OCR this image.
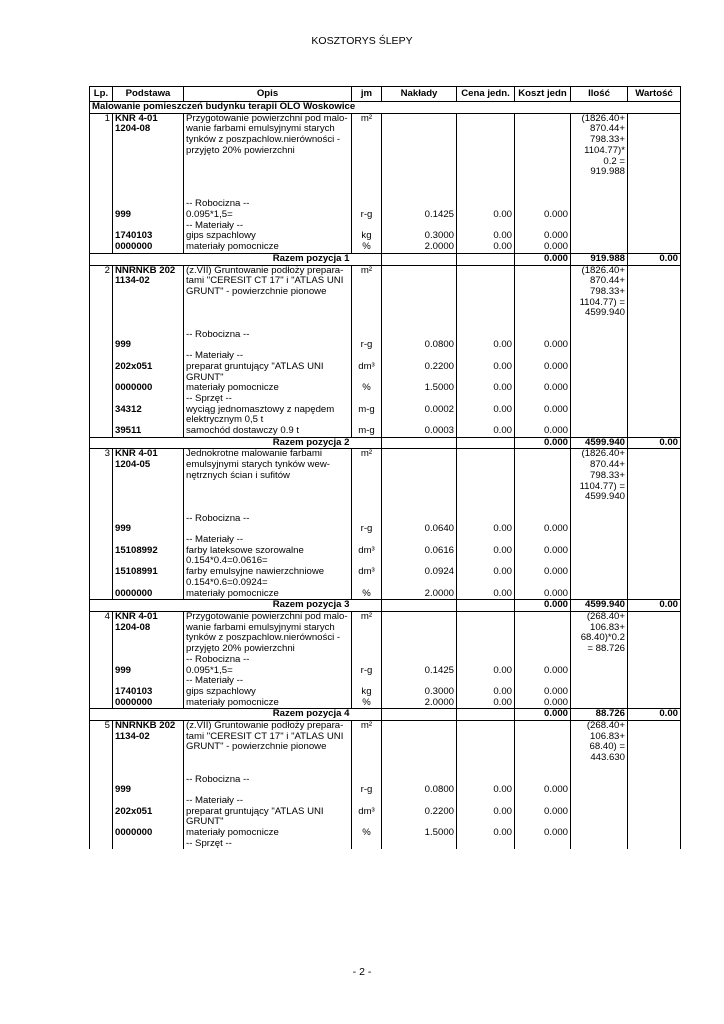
KOSZTORYS ŚLEPY
Lp.	Podstawa	Opis	jm	Nakłady	Cena jedn.	Koszt jedn	Ilość	Wartość
Malowanie pomieszczeń budynku terapii OLO Woskowice								
1	KNR 4-01	Przygotowanie powierzchni pod malo-	m²				(1826.40+	
	1204-08	wanie farbami emulsyjnymi starych					870.44+	
		tynków z poszpachlow.nierówności -					798.33+	
		przyjęto 20% powierzchni					1104.77)*	
							0.2 =	
							919.988	

		-- Robocizna --						
	999	0.095*1,5=	r-g	0.1425	0.00	0.000		
		-- Materiały --						
	1740103	gips szpachlowy	kg	0.3000	0.00	0.000		
	0000000	materiały pomocnicze	%	2.0000	0.00	0.000		
		Razem pozycja 1				0.000	919.988	0.00
2	NNRNKB 202	(z.VII) Gruntowanie podłoży prepara-	m²				(1826.40+	
	1134-02	tami "CERESIT CT 17" i "ATLAS UNI					870.44+	
		GRUNT" - powierzchnie pionowe					798.33+	
							1104.77) =	
							4599.940	

		-- Robocizna --						
	999		r-g	0.0800	0.00	0.000		
		-- Materiały --						
	202x051	preparat gruntujący "ATLAS UNI	dm³	0.2200	0.00	0.000		
		GRUNT"						
	0000000	materiały pomocnicze	%	1.5000	0.00	0.000		
		-- Sprzęt --						
	34312	wyciąg jednomasztowy z napędem	m-g	0.0002	0.00	0.000		
		elektrycznym 0,5 t						
	39511	samochód dostawczy 0.9 t	m-g	0.0003	0.00	0.000		
		Razem pozycja 2				0.000	4599.940	0.00
3	KNR 4-01	Jednokrotne malowanie farbami	m²				(1826.40+	
	1204-05	emulsyjnymi starych tynków wew-					870.44+	
		nętrznych ścian i sufitów					798.33+	
							1104.77) =	
							4599.940	

		-- Robocizna --						
	999		r-g	0.0640	0.00	0.000		
		-- Materiały --						
	15108992	farby lateksowe szorowalne	dm³	0.0616	0.00	0.000		
		0.154*0.4=0.0616=						
	15108991	farby emulsyjne nawierzchniowe	dm³	0.0924	0.00	0.000		
		0.154*0.6=0.0924=						
	0000000	materiały pomocnicze	%	2.0000	0.00	0.000		
		Razem pozycja 3				0.000	4599.940	0.00
4	KNR 4-01	Przygotowanie powierzchni pod malo-	m²				(268.40+	
	1204-08	wanie farbami emulsyjnymi starych					106.83+	
		tynków z poszpachlow.nierówności -					68.40)*0.2	
		przyjęto 20% powierzchni					= 88.726	
		-- Robocizna --						
	999	0.095*1,5=	r-g	0.1425	0.00	0.000		
		-- Materiały --						
	1740103	gips szpachlowy	kg	0.3000	0.00	0.000		
	0000000	materiały pomocnicze	%	2.0000	0.00	0.000		
		Razem pozycja 4				0.000	88.726	0.00
5	NNRNKB 202	(z.VII) Gruntowanie podłoży prepara-	m²				(268.40+	
	1134-02	tami "CERESIT CT 17" i "ATLAS UNI					106.83+	
		GRUNT" - powierzchnie pionowe					68.40) =	
							443.630	

		-- Robocizna --						
	999		r-g	0.0800	0.00	0.000		
		-- Materiały --						
	202x051	preparat gruntujący "ATLAS UNI	dm³	0.2200	0.00	0.000		
		GRUNT"						
	0000000	materiały pomocnicze	%	1.5000	0.00	0.000		
		-- Sprzęt --						
- 2 -
